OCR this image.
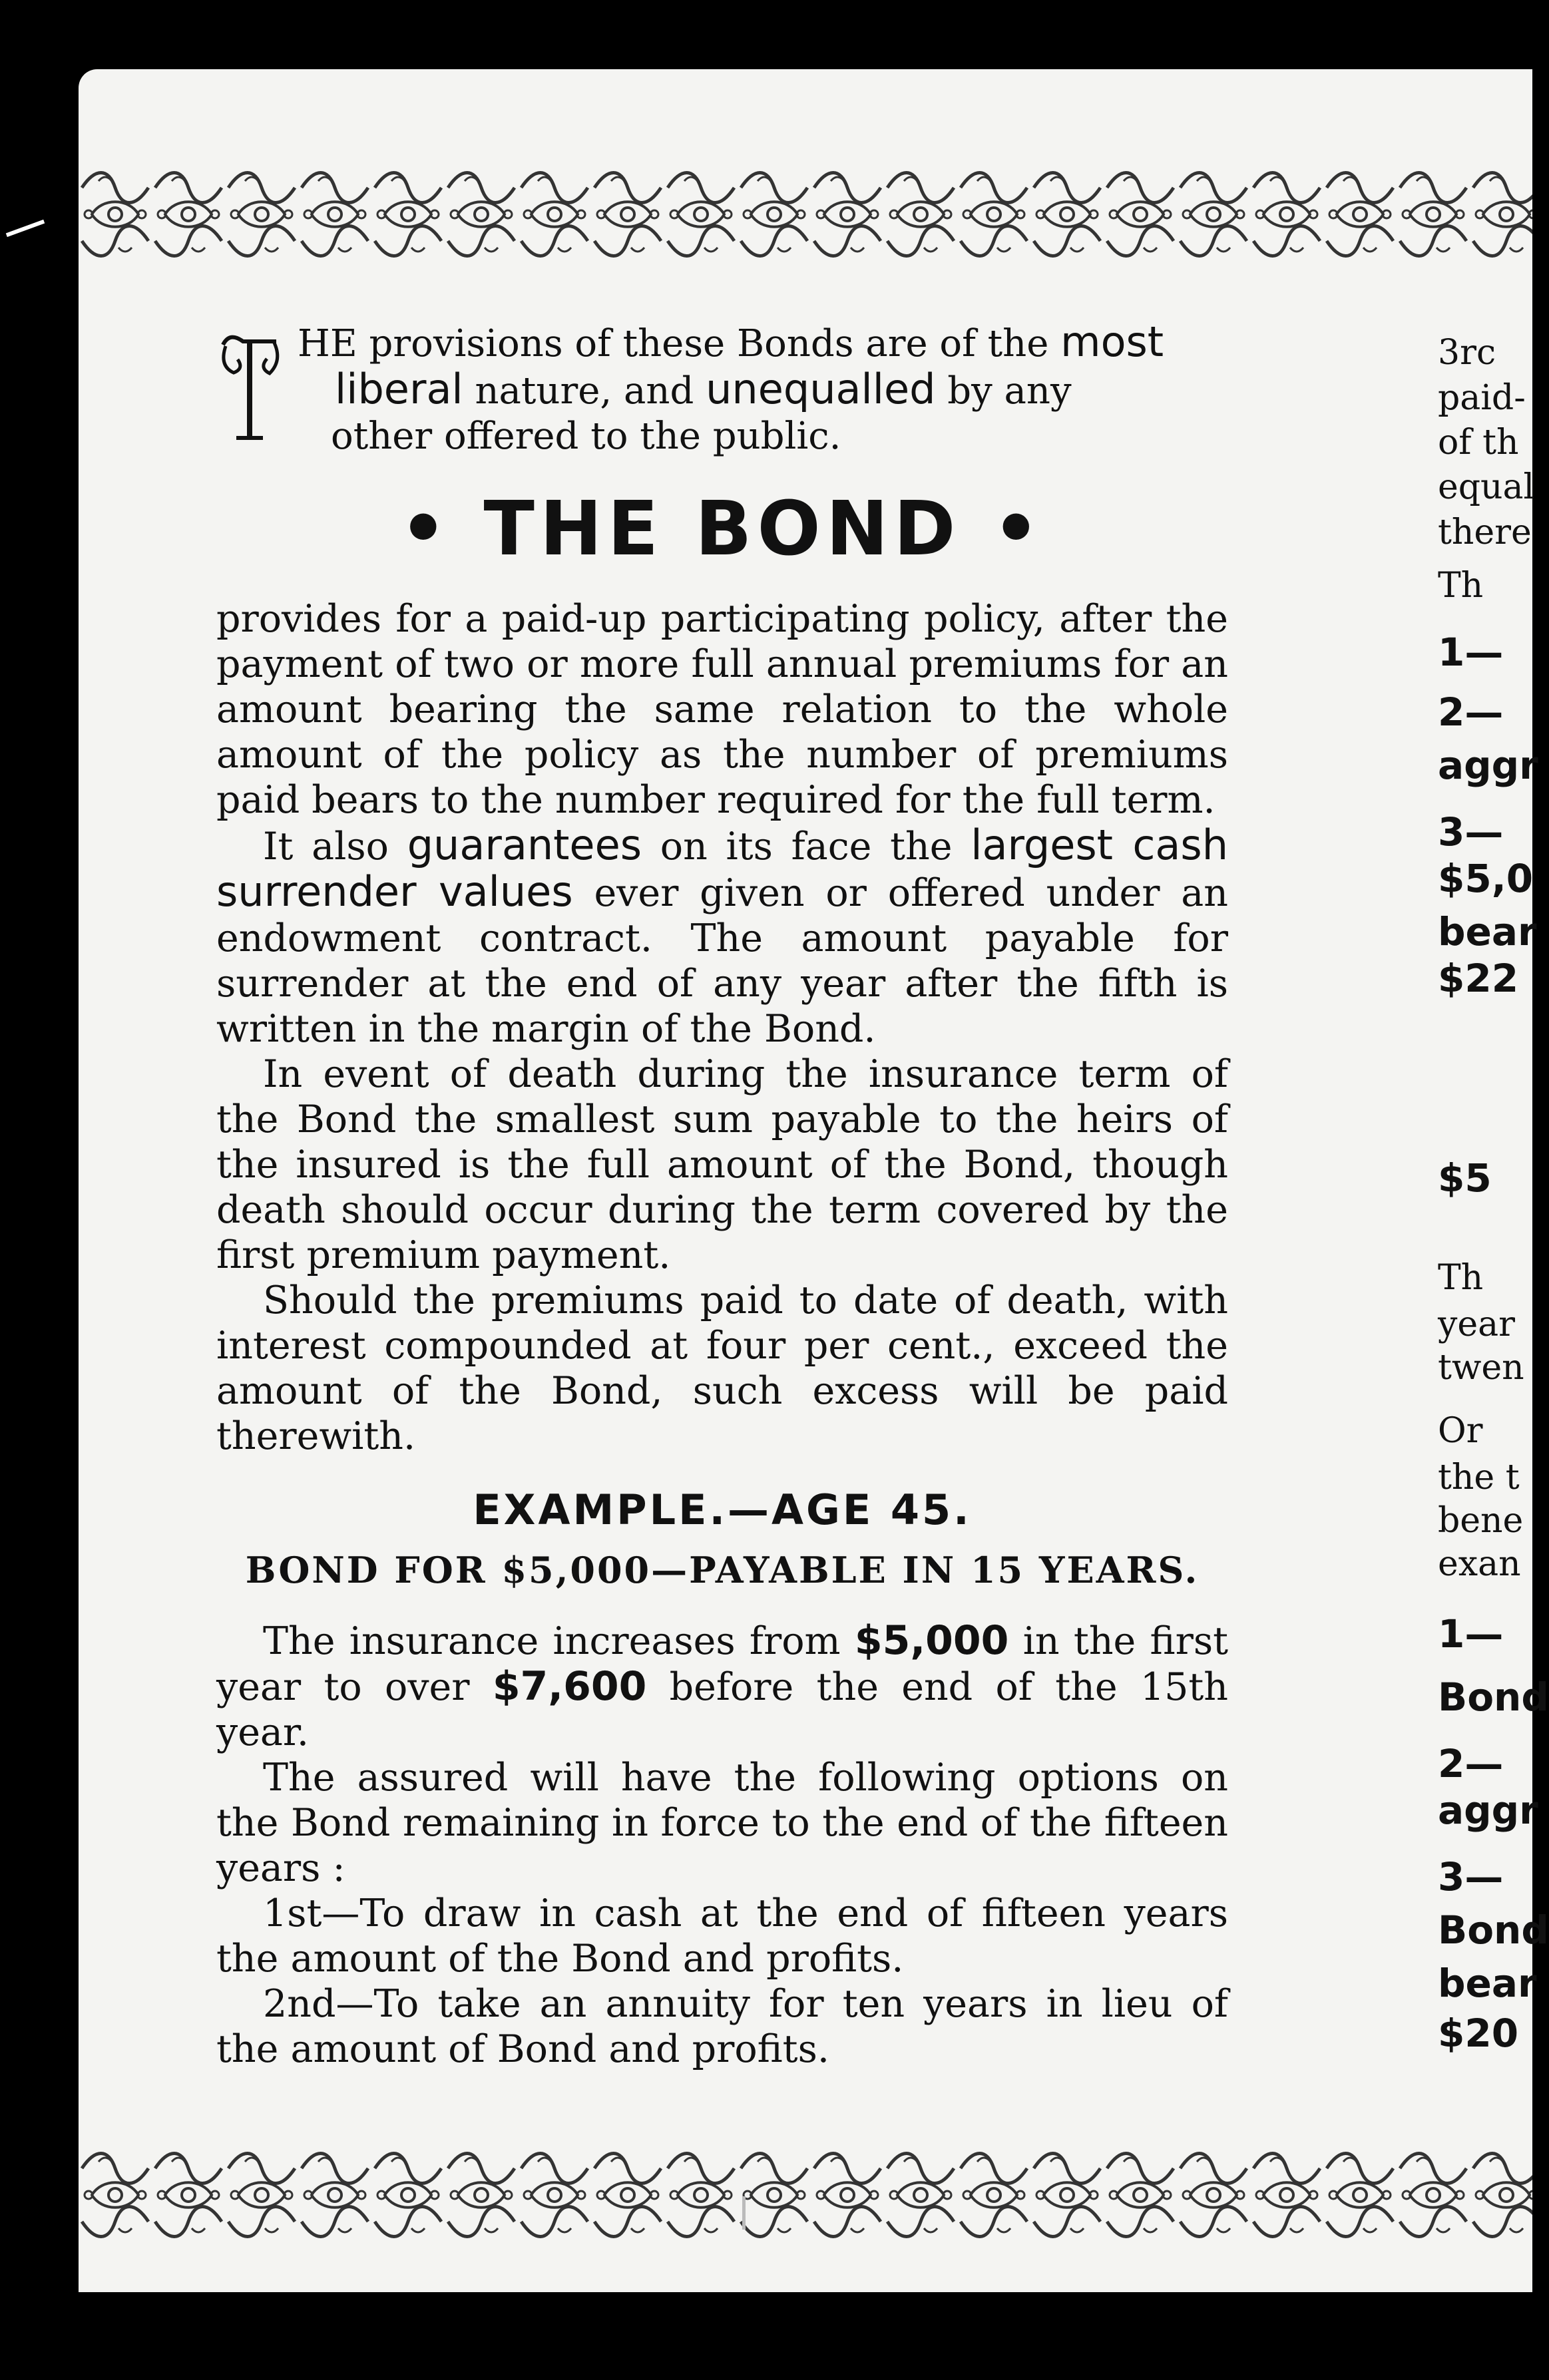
HE provisions of these Bonds are of the most
liberal nature, and unequalled by any
other offered to the public.
• THE BOND •

provides for a paid-up participating policy, after the payment of two or more full annual premiums for an amount bearing the same relation to the whole amount of the policy as the number of premiums paid bears to the number required for the full term.

It also guarantees on its face the largest cash surrender values ever given or offered under an endowment contract. The amount payable for surrender at the end of any year after the fifth is written in the margin of the Bond.

In event of death during the insurance term of the Bond the smallest sum payable to the heirs of the insured is the full amount of the Bond, though death should occur during the term covered by the first premium payment.

Should the premiums paid to date of death, with interest compounded at four per cent., exceed the amount of the Bond, such excess will be paid therewith.

EXAMPLE.—AGE 45.
BOND FOR $5,000—PAYABLE IN 15 YEARS.

The insurance increases from $5,000 in the first year to over $7,600 before the end of the 15th year.

The assured will have the following options on the Bond remaining in force to the end of the fifteen years :

1st—To draw in cash at the end of fifteen years the amount of the Bond and profits.

2nd—To take an annuity for ten years in lieu of the amount of Bond and profits.

3rc
paid-
of th
equal
there
Th
1—
2—
aggr
3—
$5,0
bear
$22
$5
Th
year
twen
Or
the t
bene
exan
1—
Bond
2—
aggr
3—
Bond
bear
$20
